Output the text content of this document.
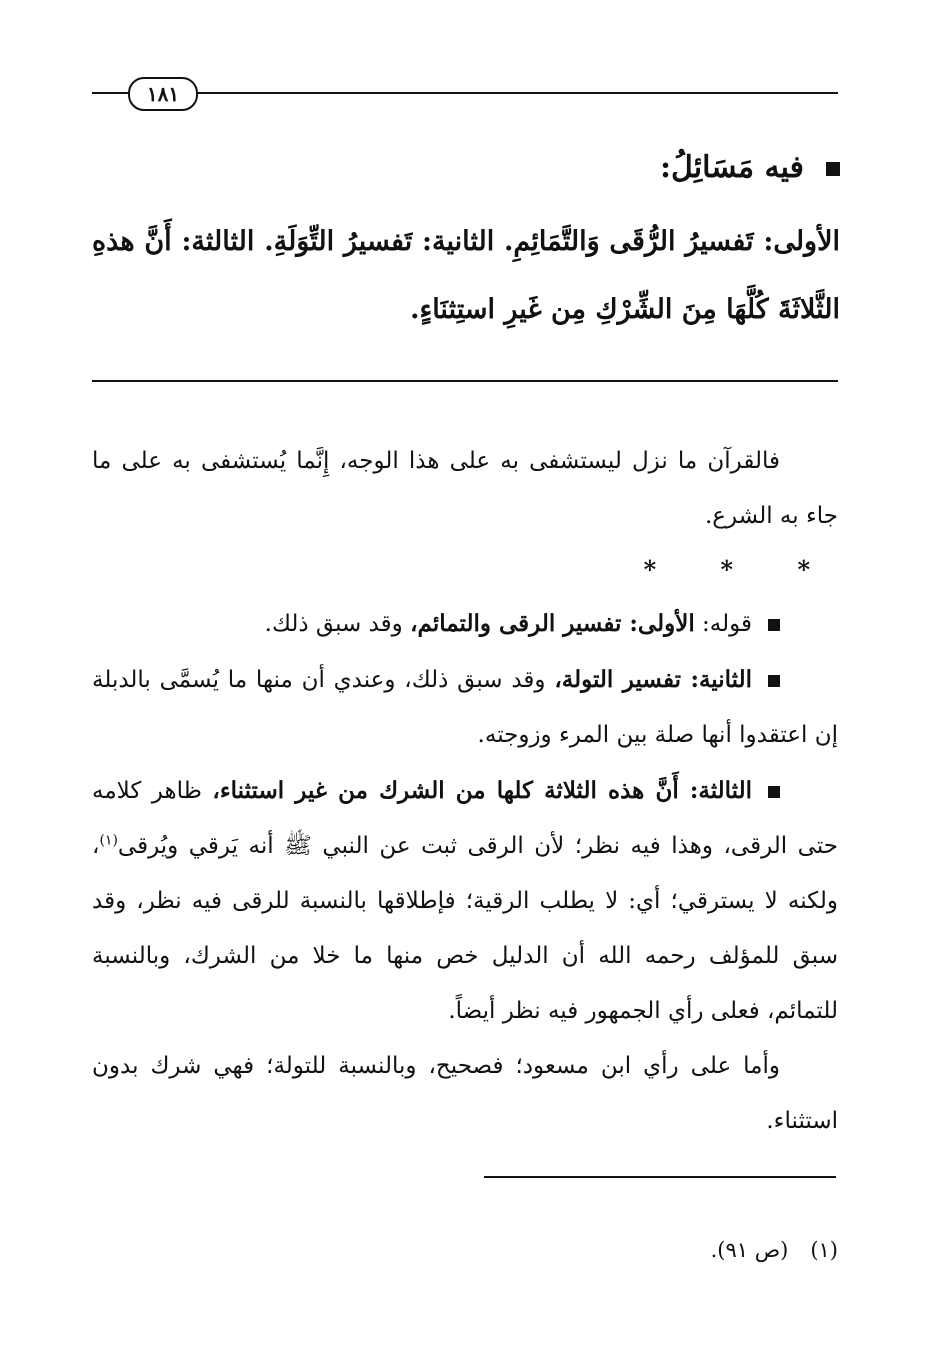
١٨١
فيه مَسَائِلُ:
الأولى: تَفسيرُ الرُّقَى وَالتَّمَائِمِ. الثانية: تَفسيرُ التِّوَلَةِ. الثالثة: أَنَّ هذهِ الثَّلاثَةَ كُلَّهَا مِنَ الشِّرْكِ مِن غَيرِ استِثنَاءٍ.

فالقرآن ما نزل ليستشفى به على هذا الوجه، إِنَّما يُستشفى به على ما جاء به الشرع.

* * *

قوله: الأولى: تفسير الرقى والتمائم، وقد سبق ذلك.

الثانية: تفسير التولة، وقد سبق ذلك، وعندي أن منها ما يُسمَّى بالدبلة إن اعتقدوا أنها صلة بين المرء وزوجته.

الثالثة: أَنَّ هذه الثلاثة كلها من الشرك من غير استثناء، ظاهر كلامه حتى الرقى، وهذا فيه نظر؛ لأن الرقى ثبت عن النبي ﷺ أنه يَرقي ويُرقى$^{(١)}$، ولكنه لا يسترقي؛ أي: لا يطلب الرقية؛ فإطلاقها بالنسبة للرقى فيه نظر، وقد سبق للمؤلف رحمه الله أن الدليل خص منها ما خلا من الشرك، وبالنسبة للتمائم، فعلى رأي الجمهور فيه نظر أيضاً.

وأما على رأي ابن مسعود؛ فصحيح، وبالنسبة للتولة؛ فهي شرك بدون استثناء.

(١)(ص ٩١).
